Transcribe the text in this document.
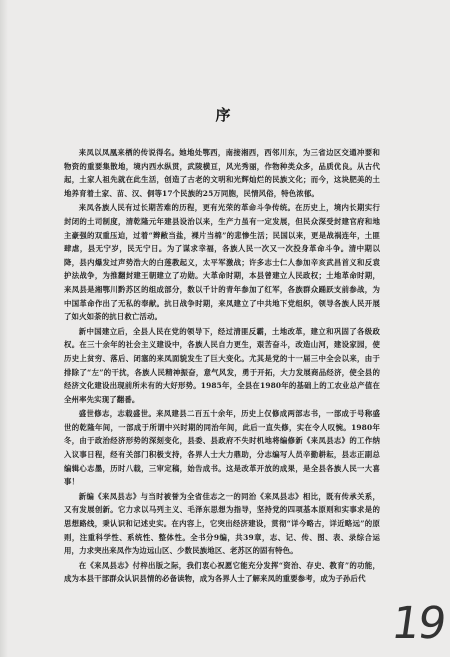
序

来凤以凤凰来栖的传说得名。她地处鄂西，南接湘西，西邻川东，为三省边区交通冲要和物资的重要集散地，境内西水纵贯，武陵横亘，风光秀丽，作物种类众多，品质优良。从古代起，土家人祖先就在此生活，创造了古老的文明和光辉灿烂的民族文化；而今，这块肥美的土地养育着土家、苗、汉、侗等17个民族的25万同胞，民情风俗，特色浓郁。

来凤各族人民有过长期苦难的历程，更有光荣的革命斗争传统。在历史上，境内长期实行封闭的土司制度，清乾隆元年建县设治以来，生产力虽有一定发展，但民众深受封建官府和地主豪强的双重压迫，过着“辫敝当盐，裸片当棉”的悲惨生活；民国以来，更是战祸连年，土匪肆虐，县无宁岁，民无宁日。为了谋求幸福，各族人民一次又一次投身革命斗争。清中期以降，县内爆发过声势浩大的白莲教起义，太平军激战；许多志士仁人参加辛亥武昌首义和反袁护法战争，为推翻封建王朝建立了功勋。大革命时期，本县曾建立人民政权；土地革命时期，来凤县是湘鄂川黔苏区的组成部分，数以千计的青年参加了红军，各族群众踊跃支前参战，为中国革命作出了无私的奉献。抗日战争时期，来凤建立了中共地下党组织，领导各族人民开展了如火如荼的抗日救亡活动。

新中国建立后，全县人民在党的领导下，经过清匪反霸，土地改革，建立和巩固了各级政权。在三十余年的社会主义建设中，各族人民自力更生，艰苦奋斗，改造山河，建设家园，使历史上贫穷、落后、闭塞的来凤面貌发生了巨大变化。尤其是党的十一届三中全会以来，由于排除了“左”的干扰，各族人民精神振奋，意气风发，勇于开拓，大力发展商品经济，使全县的经济文化建设出现前所未有的大好形势。1985年，全县在1980年的基础上的工农业总产值在全州率先实现了翻番。

盛世修志，志载盛世。来凤建县二百五十余年，历史上仅修成两部志书，一部成于号称盛世的乾隆年间，一部成于所谓中兴时期的同治年间，此后一直失修，实在令人叹惋。1980年冬，由于政治经济形势的深刻变化，县委、县政府不失时机地将编修新《来凤县志》的工作纳入议事日程，经有关部门积极支持，各界人士大力鼎助，分志编写人员辛勤耕耘，县志正副总编辑心志墨，历时八载，三审定稿，始告成书。这是改革开放的成果，是全县各族人民一大喜事！

新编《来凤县志》与当时被誉为全省佳志之一的同治《来凤县志》相比，既有传承关系，又有发展创新。它力求以马列主义、毛泽东思想为指导，坚持党的四项基本原则和实事求是的思想路线，秉认识和记述史实。在内容上，它突出经济建设，贯彻“详今略古，详近略远”的原则，注重科学性、系统性、整体性。全书分9编，共39章，志、记、传、图、表、录综合运用，力求突出来凤作为边远山区、少数民族地区、老苏区的固有特色。

在《来凤县志》付梓出版之际，我们衷心祝愿它能充分发挥“资治、存史、教育”的功能，成为本县干部群众认识县情的必备读物，成为各界人士了解来凤的重要参考，成为子孙后代

19
